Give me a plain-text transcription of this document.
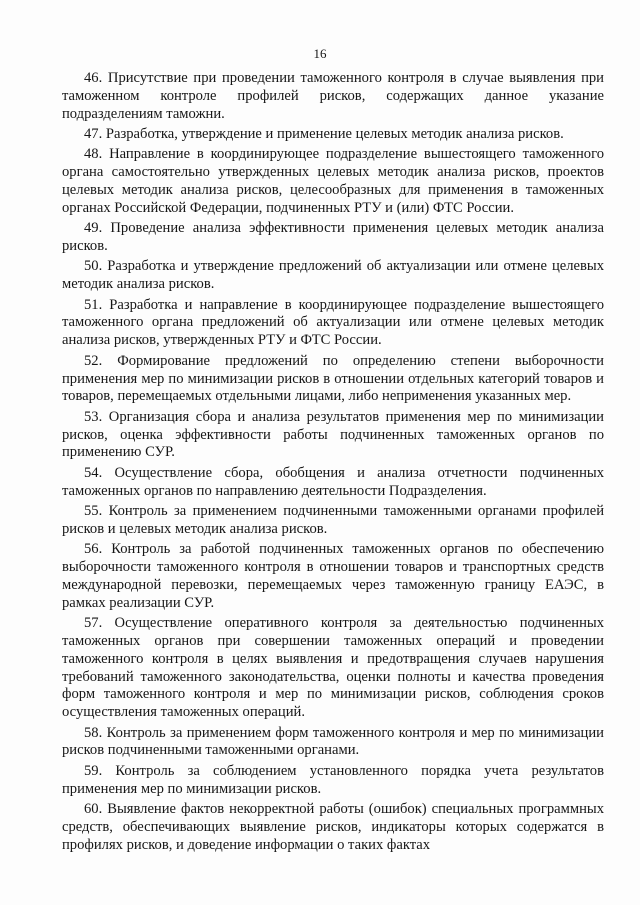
16

46. Присутствие при проведении таможенного контроля в случае выявления при таможенном контроле профилей рисков, содержащих данное указание подразделениям таможни.

47. Разработка, утверждение и применение целевых методик анализа рисков.

48. Направление в координирующее подразделение вышестоящего таможенного органа самостоятельно утвержденных целевых методик анализа рисков, проектов целевых методик анализа рисков, целесообразных для применения в таможенных органах Российской Федерации, подчиненных РТУ и (или) ФТС России.

49. Проведение анализа эффективности применения целевых методик анализа рисков.

50. Разработка и утверждение предложений об актуализации или отмене целевых методик анализа рисков.

51. Разработка и направление в координирующее подразделение вышестоящего таможенного органа предложений об актуализации или отмене целевых методик анализа рисков, утвержденных РТУ и ФТС России.

52. Формирование предложений по определению степени выборочности применения мер по минимизации рисков в отношении отдельных категорий товаров и товаров, перемещаемых отдельными лицами, либо неприменения указанных мер.

53. Организация сбора и анализа результатов применения мер по минимизации рисков, оценка эффективности работы подчиненных таможенных органов по применению СУР.

54. Осуществление сбора, обобщения и анализа отчетности подчиненных таможенных органов по направлению деятельности Подразделения.

55. Контроль за применением подчиненными таможенными органами профилей рисков и целевых методик анализа рисков.

56. Контроль за работой подчиненных таможенных органов по обеспечению выборочности таможенного контроля в отношении товаров и транспортных средств международной перевозки, перемещаемых через таможенную границу ЕАЭС, в рамках реализации СУР.

57. Осуществление оперативного контроля за деятельностью подчиненных таможенных органов при совершении таможенных операций и проведении таможенного контроля в целях выявления и предотвращения случаев нарушения требований таможенного законодательства, оценки полноты и качества проведения форм таможенного контроля и мер по минимизации рисков, соблюдения сроков осуществления таможенных операций.

58. Контроль за применением форм таможенного контроля и мер по минимизации рисков подчиненными таможенными органами.

59. Контроль за соблюдением установленного порядка учета результатов применения мер по минимизации рисков.

60. Выявление фактов некорректной работы (ошибок) специальных программных средств, обеспечивающих выявление рисков, индикаторы которых содержатся в профилях рисков, и доведение информации о таких фактах
